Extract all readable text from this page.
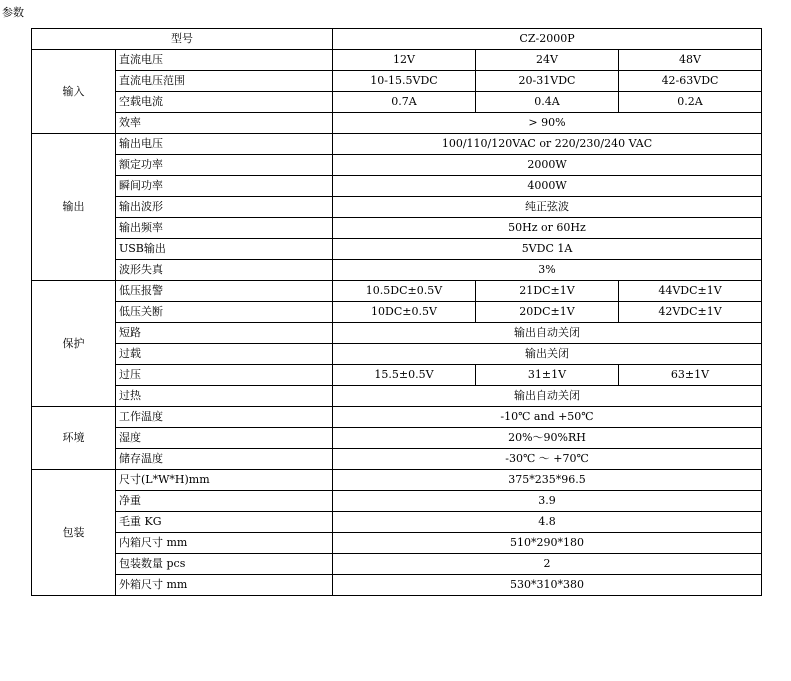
参数
型号		CZ-2000P		
输入	直流电压	12V	24V	48V
	直流电压范围	10-15.5VDC	20-31VDC	42-63VDC
	空载电流	0.7A	0.4A	0.2A
	效率	> 90%		
输出	输出电压	100/110/120VAC or 220/230/240 VAC		
	额定功率	2000W		
	瞬间功率	4000W		
	输出波形	纯正弦波		
	输出频率	50Hz or 60Hz		
	USB输出	5VDC 1A		
	波形失真	3%		
保护	低压报警	10.5DC±0.5V	21DC±1V	44VDC±1V
	低压关断	10DC±0.5V	20DC±1V	42VDC±1V
	短路	输出自动关闭		
	过载	输出关闭		
	过压	15.5±0.5V	31±1V	63±1V
	过热	输出自动关闭		
环境	工作温度	-10℃ and +50℃		
	湿度	20%～90%RH		
	储存温度	-30℃ ～ +70℃		
包装	尺寸(L*W*H)mm	375*235*96.5		
	净重	3.9		
	毛重 KG	4.8		
	内箱尺寸 mm	510*290*180		
	包装数量 pcs	2		
	外箱尺寸 mm	530*310*380		
